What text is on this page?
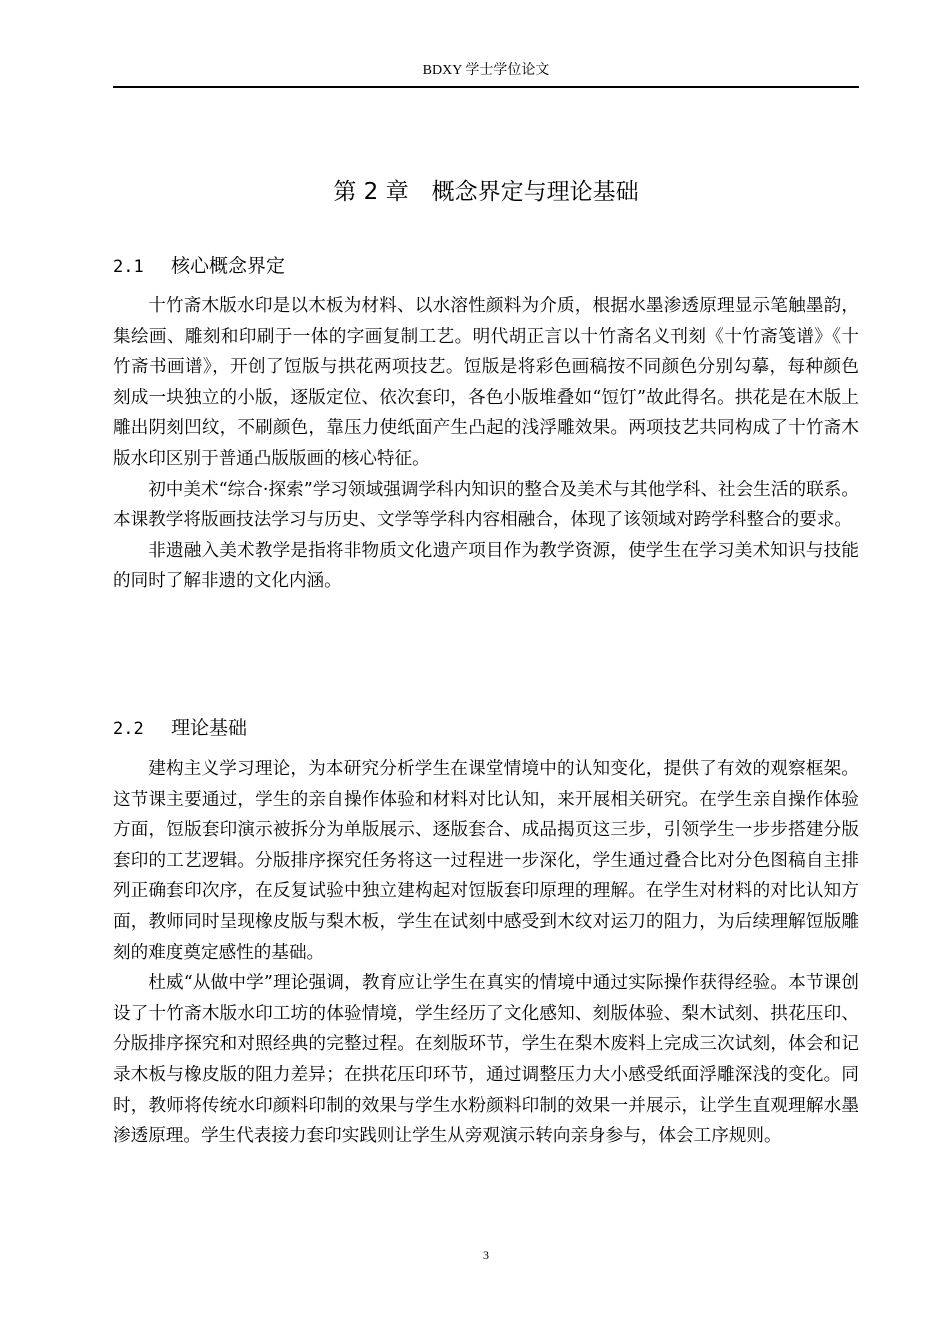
BDXY 学士学位论文
第 2 章　概念界定与理论基础
2.1 核心概念界定

十竹斋木版水印是以木板为材料、以水溶性颜料为介质，根据水墨渗透原理显示笔触墨韵，集绘画、雕刻和印刷于一体的字画复制工艺。明代胡正言以十竹斋名义刊刻《十竹斋笺谱》《十竹斋书画谱》，开创了饾版与拱花两项技艺。饾版是将彩色画稿按不同颜色分别勾摹，每种颜色刻成一块独立的小版，逐版定位、依次套印，各色小版堆叠如“饾饤”故此得名。拱花是在木版上雕出阴刻凹纹，不刷颜色，靠压力使纸面产生凸起的浅浮雕效果。两项技艺共同构成了十竹斋木版水印区别于普通凸版版画的核心特征。

初中美术“综合·探索”学习领域强调学科内知识的整合及美术与其他学科、社会生活的联系。本课教学将版画技法学习与历史、文学等学科内容相融合，体现了该领域对跨学科整合的要求。

非遗融入美术教学是指将非物质文化遗产项目作为教学资源，使学生在学习美术知识与技能的同时了解非遗的文化内涵。

2.2 理论基础

建构主义学习理论，为本研究分析学生在课堂情境中的认知变化，提供了有效的观察框架。这节课主要通过，学生的亲自操作体验和材料对比认知，来开展相关研究。在学生亲自操作体验方面，饾版套印演示被拆分为单版展示、逐版套合、成品揭页这三步，引领学生一步步搭建分版套印的工艺逻辑。分版排序探究任务将这一过程进一步深化，学生通过叠合比对分色图稿自主排列正确套印次序，在反复试验中独立建构起对饾版套印原理的理解。在学生对材料的对比认知方面，教师同时呈现橡皮版与梨木板，学生在试刻中感受到木纹对运刀的阻力，为后续理解饾版雕刻的难度奠定感性的基础。

杜威“从做中学”理论强调，教育应让学生在真实的情境中通过实际操作获得经验。本节课创设了十竹斋木版水印工坊的体验情境，学生经历了文化感知、刻版体验、梨木试刻、拱花压印、分版排序探究和对照经典的完整过程。在刻版环节，学生在梨木废料上完成三次试刻，体会和记录木板与橡皮版的阻力差异；在拱花压印环节，通过调整压力大小感受纸面浮雕深浅的变化。同时，教师将传统水印颜料印制的效果与学生水粉颜料印制的效果一并展示，让学生直观理解水墨渗透原理。学生代表接力套印实践则让学生从旁观演示转向亲身参与，体会工序规则。

3
